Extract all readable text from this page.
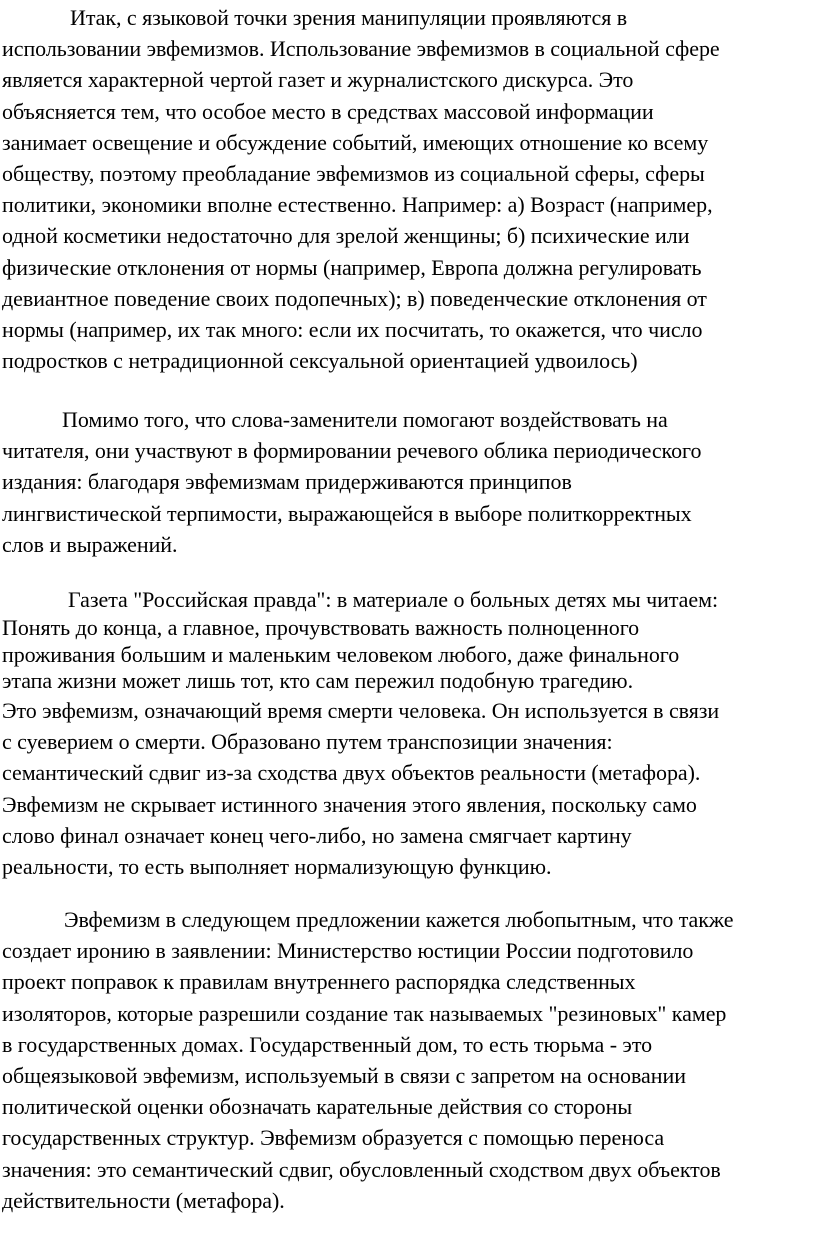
Итак, с языковой точки зрения манипуляции проявляются в
использовании эвфемизмов. Использование эвфемизмов в социальной сфере
является характерной чертой газет и журналистского дискурса. Это
объясняется тем, что особое место в средствах массовой информации
занимает освещение и обсуждение событий, имеющих отношение ко всему
обществу, поэтому преобладание эвфемизмов из социальной сферы, сферы
политики, экономики вполне естественно. Например: а) Возраст (например,
одной косметики недостаточно для зрелой женщины; б) психические или
физические отклонения от нормы (например, Европа должна регулировать
девиантное поведение своих подопечных); в) поведенческие отклонения от
нормы (например, их так много: если их посчитать, то окажется, что число
подростков с нетрадиционной сексуальной ориентацией удвоилось)
Помимо того, что слова-заменители помогают воздействовать на
читателя, они участвуют в формировании речевого облика периодического
издания: благодаря эвфемизмам придерживаются принципов
лингвистической терпимости, выражающейся в выборе политкорректных
слов и выражений.
Газета "Российская правда": в материале о больных детях мы читаем:
Понять до конца, а главное, прочувствовать важность полноценного
проживания большим и маленьким человеком любого, даже финального
этапа жизни может лишь тот, кто сам пережил подобную трагедию.
Это эвфемизм, означающий время смерти человека. Он используется в связи
с суеверием о смерти. Образовано путем транспозиции значения:
семантический сдвиг из-за сходства двух объектов реальности (метафора).
Эвфемизм не скрывает истинного значения этого явления, поскольку само
слово финал означает конец чего-либо, но замена смягчает картину
реальности, то есть выполняет нормализующую функцию.
Эвфемизм в следующем предложении кажется любопытным, что также
создает иронию в заявлении: Министерство юстиции России подготовило
проект поправок к правилам внутреннего распорядка следственных
изоляторов, которые разрешили создание так называемых "резиновых" камер
в государственных домах. Государственный дом, то есть тюрьма - это
общеязыковой эвфемизм, используемый в связи с запретом на основании
политической оценки обозначать карательные действия со стороны
государственных структур. Эвфемизм образуется с помощью переноса
значения: это семантический сдвиг, обусловленный сходством двух объектов
действительности (метафора).
